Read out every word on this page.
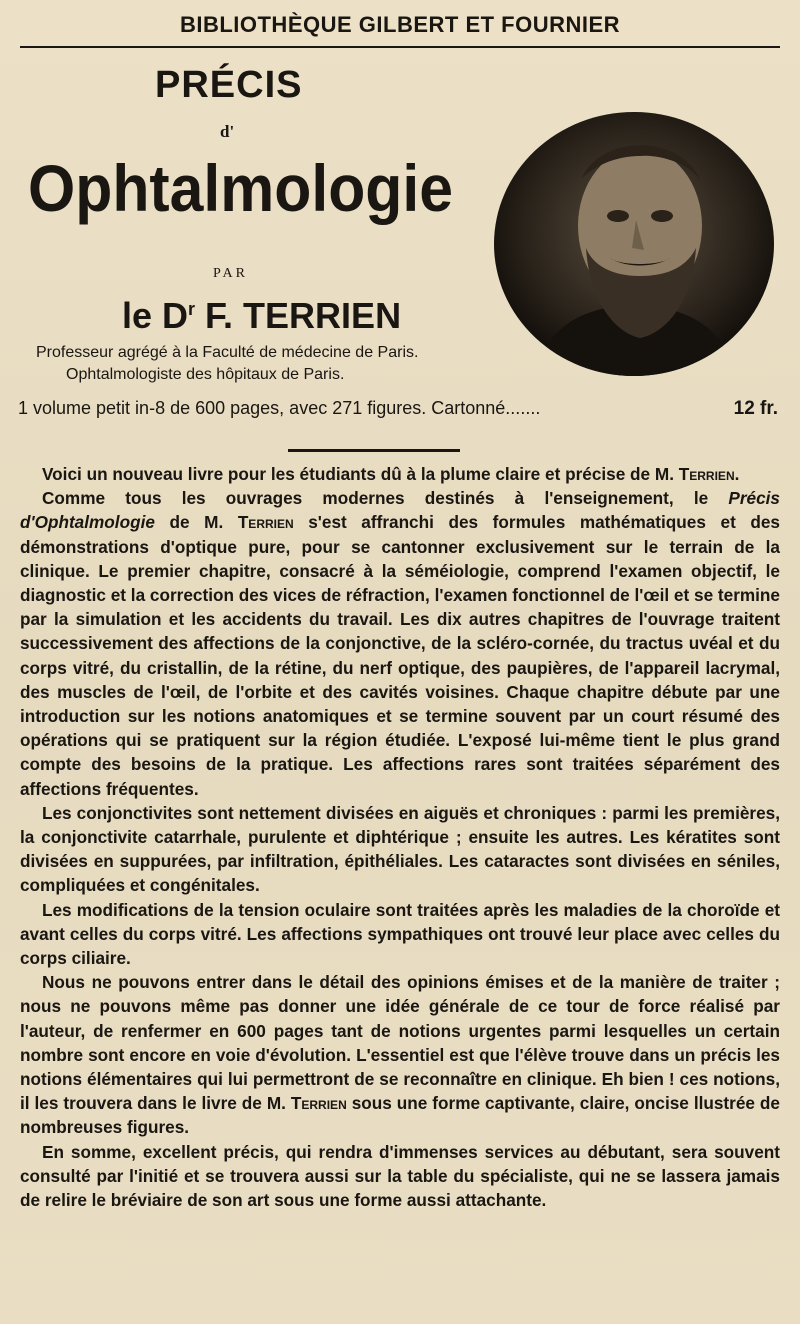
BIBLIOTHÈQUE GILBERT ET FOURNIER
PRÉCIS
d'
Ophtalmologie
PAR
le $D^r$ F. TERRIEN
Professeur agrégé à la Faculté de médecine de Paris.
Ophtalmologiste des hôpitaux de Paris.
1 volume petit in-8 de 600 pages, avec 271 figures. Cartonné.......	12 fr.

Voici un nouveau livre pour les étudiants dû à la plume claire et précise de M. Terrien.

Comme tous les ouvrages modernes destinés à l'enseignement, le Précis d'Ophtalmologie de M. Terrien s'est affranchi des formules mathématiques et des démonstrations d'optique pure, pour se cantonner exclusivement sur le terrain de la clinique. Le premier chapitre, consacré à la séméiologie, comprend l'examen objectif, le diagnostic et la correction des vices de réfraction, l'examen fonctionnel de l'œil et se termine par la simulation et les accidents du travail. Les dix autres chapitres de l'ouvrage traitent successivement des affections de la conjonctive, de la scléro-cornée, du tractus uvéal et du corps vitré, du cristallin, de la rétine, du nerf optique, des paupières, de l'appareil lacrymal, des muscles de l'œil, de l'orbite et des cavités voisines. Chaque chapitre débute par une introduction sur les notions anatomiques et se termine souvent par un court résumé des opérations qui se pratiquent sur la région étudiée. L'exposé lui-même tient le plus grand compte des besoins de la pratique. Les affections rares sont traitées séparément des affections fréquentes.

Les conjonctivites sont nettement divisées en aiguës et chroniques : parmi les premières, la conjonctivite catarrhale, purulente et diphtérique ; ensuite les autres. Les kératites sont divisées en suppurées, par infiltration, épithéliales. Les cataractes sont divisées en séniles, compliquées et congénitales.

Les modifications de la tension oculaire sont traitées après les maladies de la choroïde et avant celles du corps vitré. Les affections sympathiques ont trouvé leur place avec celles du corps ciliaire.

Nous ne pouvons entrer dans le détail des opinions émises et de la manière de traiter ; nous ne pouvons même pas donner une idée générale de ce tour de force réalisé par l'auteur, de renfermer en 600 pages tant de notions urgentes parmi lesquelles un certain nombre sont encore en voie d'évolution. L'essentiel est que l'élève trouve dans un précis les notions élémentaires qui lui permettront de se reconnaître en clinique. Eh bien ! ces notions, il les trouvera dans le livre de M. Terrien sous une forme captivante, claire, oncise llustrée de nombreuses figures.

En somme, excellent précis, qui rendra d'immenses services au débutant, sera souvent consulté par l'initié et se trouvera aussi sur la table du spécialiste, qui ne se lassera jamais de relire le bréviaire de son art sous une forme aussi attachante.
